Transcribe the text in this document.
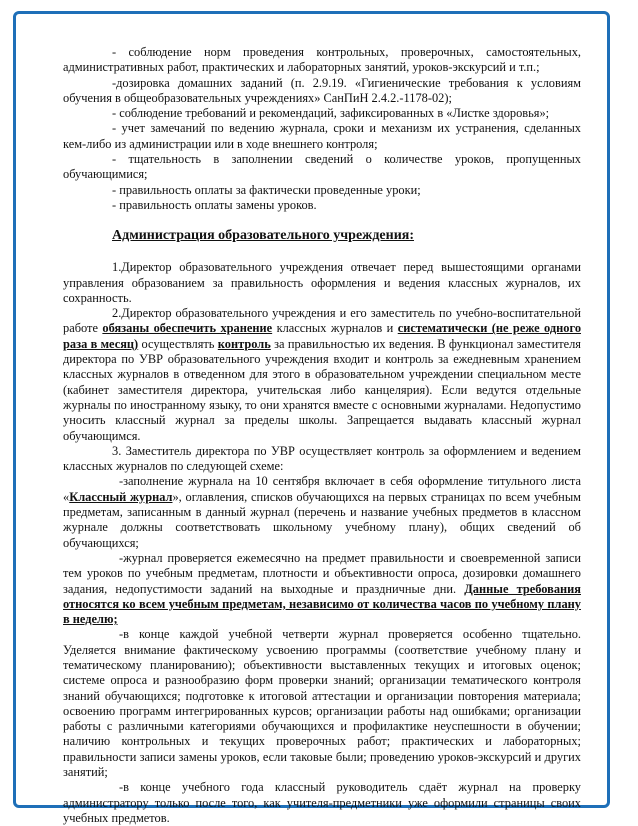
- соблюдение норм проведения контрольных, проверочных, самостоятельных, административных работ, практических и лабораторных занятий, уроков-экскурсий и т.п.;

-дозировка домашних заданий (п. 2.9.19. «Гигиенические требования к условиям обучения в общеобразовательных учреждениях» СанПиН 2.4.2.-1178-02);

- соблюдение требований и рекомендаций, зафиксированных в «Листке здоровья»;

- учет замечаний по ведению журнала, сроки и механизм их устранения, сделанных кем-либо из администрации или в ходе внешнего контроля;

- тщательность в заполнении сведений о количестве уроков, пропущенных обучающимися;

- правильность оплаты за фактически проведенные уроки;

- правильность оплаты замены уроков.

Администрация образовательного учреждения:

1.Директор образовательного учреждения отвечает перед вышестоящими органами управления образованием за правильность оформления и ведения классных журналов, их сохранность.

2.Директор образовательного учреждения и его заместитель по учебно-воспитательной работе обязаны обеспечить хранение классных журналов и систематически (не реже одного раза в месяц) осуществлять контроль за правильностью их ведения. В функционал заместителя директора по УВР образовательного учреждения входит и контроль за ежедневным хранением классных журналов в отведенном для этого в образовательном учреждении специальном месте (кабинет заместителя директора, учительская либо канцелярия). Если ведутся отдельные журналы по иностранному языку, то они хранятся вместе с основными журналами. Недопустимо уносить классный журнал за пределы школы. Запрещается выдавать классный журнал обучающимся.

3. Заместитель директора по УВР осуществляет контроль за оформлением и ведением классных журналов по следующей схеме:

-заполнение журнала на 10 сентября включает в себя оформление титульного листа «Классный журнал», оглавления, списков обучающихся на первых страницах по всем учебным предметам, записанным в данный журнал (перечень и название учебных предметов в классном журнале должны соответствовать школьному учебному плану), общих сведений об обучающихся;

-журнал проверяется ежемесячно на предмет правильности и своевременной записи тем уроков по учебным предметам, плотности и объективности опроса, дозировки домашнего задания, недопустимости заданий на выходные и праздничные дни. Данные требования относятся ко всем учебным предметам, независимо от количества часов по учебному плану в неделю;

-в конце каждой учебной четверти журнал проверяется особенно тщательно. Уделяется внимание фактическому усвоению программы (соответствие учебному плану и тематическому планированию); объективности выставленных текущих и итоговых оценок; системе опроса и разнообразию форм проверки знаний; организации тематического контроля знаний обучающихся; подготовке к итоговой аттестации и организации повторения материала; освоению программ интегрированных курсов; организации работы над ошибками; организации работы с различными категориями обучающихся и профилактике неуспешности в обучении; наличию контрольных и текущих проверочных работ; практических и лабораторных; правильности записи замены уроков, если таковые были; проведению уроков-экскурсий и других занятий;

-в конце учебного года классный руководитель сдаёт журнал на проверку администратору только после того, как учителя-предметники уже оформили страницы своих учебных предметов.
